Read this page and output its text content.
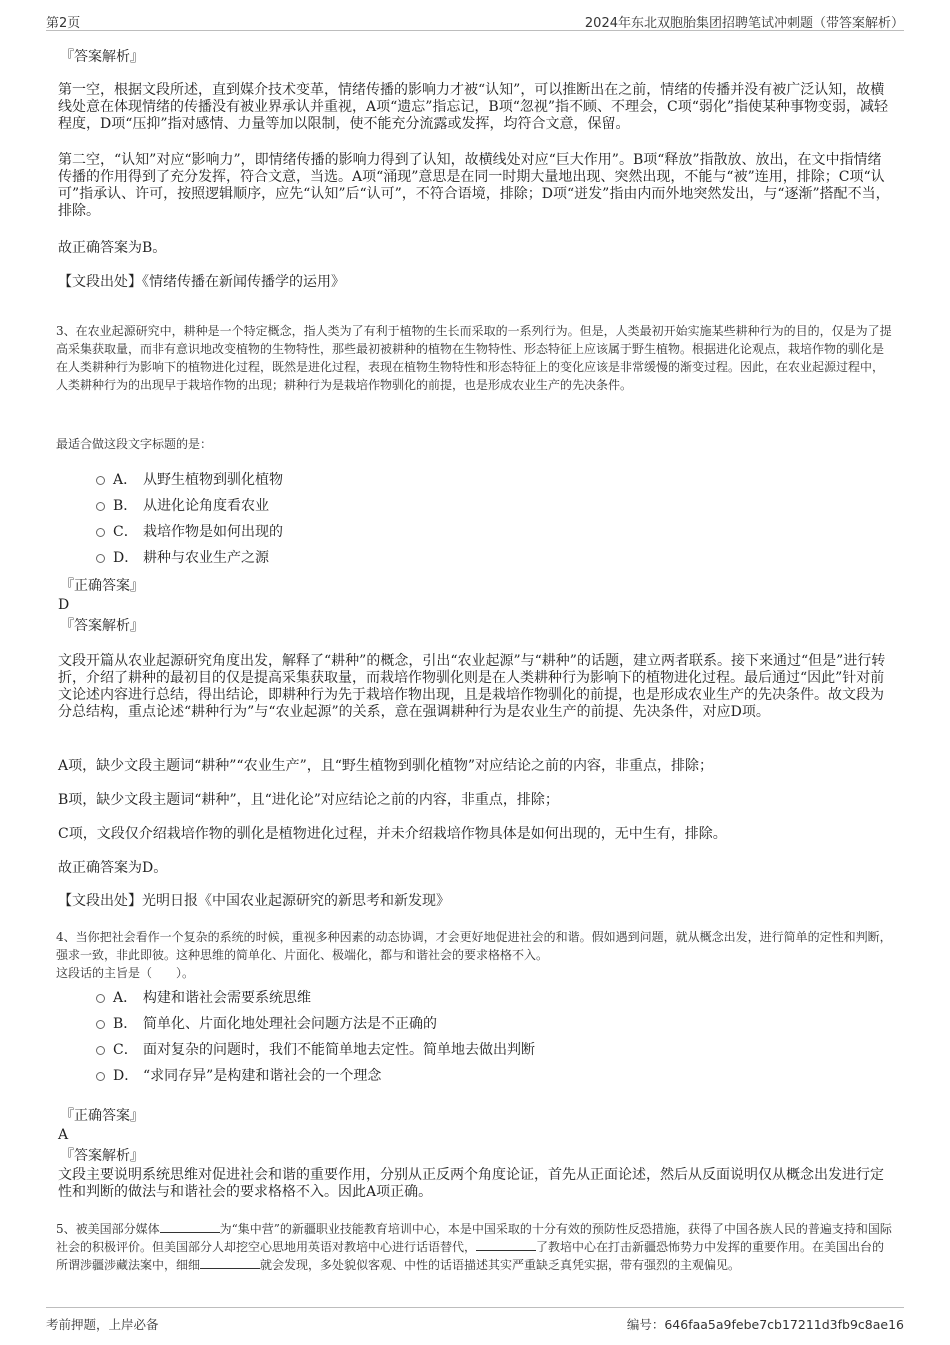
第2页	2024年东北双胞胎集团招聘笔试冲刺题（带答案解析）
『答案解析』

第一空，根据文段所述，直到媒介技术变革，情绪传播的影响力才被“认知”，可以推断出在之前，情绪的传播并没有被广泛认知，故横线处意在体现情绪的传播没有被业界承认并重视，A项“遗忘”指忘记，B项“忽视”指不顾、不理会，C项“弱化”指使某种事物变弱，减轻程度，D项“压抑”指对感情、力量等加以限制，使不能充分流露或发挥，均符合文意，保留。

第二空，“认知”对应“影响力”，即情绪传播的影响力得到了认知，故横线处对应“巨大作用”。B项“释放”指散放、放出，在文中指情绪传播的作用得到了充分发挥，符合文意，当选。A项“涌现”意思是在同一时期大量地出现、突然出现，不能与“被”连用，排除；C项“认可”指承认、许可，按照逻辑顺序，应先“认知”后“认可”，不符合语境，排除；D项“迸发”指由内而外地突然发出，与“逐渐”搭配不当，排除。

故正确答案为B。

【文段出处】《情绪传播在新闻传播学的运用》

3、在农业起源研究中，耕种是一个特定概念，指人类为了有利于植物的生长而采取的一系列行为。但是，人类最初开始实施某些耕种行为的目的，仅是为了提高采集获取量，而非有意识地改变植物的生物特性，那些最初被耕种的植物在生物特性、形态特征上应该属于野生植物。根据进化论观点，栽培作物的驯化是在人类耕种行为影响下的植物进化过程，既然是进化过程，表现在植物生物特性和形态特征上的变化应该是非常缓慢的渐变过程。因此，在农业起源过程中，人类耕种行为的出现早于栽培作物的出现；耕种行为是栽培作物驯化的前提，也是形成农业生产的先决条件。

最适合做这段文字标题的是：

A． 从野生植物到驯化植物
B． 从进化论角度看农业
C． 栽培作物是如何出现的
D． 耕种与农业生产之源
『正确答案』
D
『答案解析』

文段开篇从农业起源研究角度出发，解释了“耕种”的概念，引出“农业起源”与“耕种”的话题，建立两者联系。接下来通过“但是”进行转折，介绍了耕种的最初目的仅是提高采集获取量，而栽培作物驯化则是在人类耕种行为影响下的植物进化过程。最后通过“因此”针对前文论述内容进行总结，得出结论，即耕种行为先于栽培作物出现，且是栽培作物驯化的前提，也是形成农业生产的先决条件。故文段为分总结构，重点论述“耕种行为”与“农业起源”的关系，意在强调耕种行为是农业生产的前提、先决条件，对应D项。

A项，缺少文段主题词“耕种”“农业生产”，且“野生植物到驯化植物”对应结论之前的内容，非重点，排除；

B项，缺少文段主题词“耕种”，且“进化论”对应结论之前的内容，非重点，排除；

C项，文段仅介绍栽培作物的驯化是植物进化过程，并未介绍栽培作物具体是如何出现的，无中生有，排除。

故正确答案为D。

【文段出处】光明日报《中国农业起源研究的新思考和新发现》

4、当你把社会看作一个复杂的系统的时候，重视多种因素的动态协调，才会更好地促进社会的和谐。假如遇到问题，就从概念出发，进行简单的定性和判断，强求一致，非此即彼。这种思维的简单化、片面化、极端化，都与和谐社会的要求格格不入。

这段话的主旨是（　　）。

A． 构建和谐社会需要系统思维
B． 简单化、片面化地处理社会问题方法是不正确的
C． 面对复杂的问题时，我们不能简单地去定性。简单地去做出判断
D． “求同存异”是构建和谐社会的一个理念
『正确答案』
A
『答案解析』

文段主要说明系统思维对促进社会和谐的重要作用，分别从正反两个角度论证，首先从正面论述，然后从反面说明仅从概念出发进行定性和判断的做法与和谐社会的要求格格不入。因此A项正确。

5、被美国部分媒体	为“集中营”的新疆职业技能教育培训中心，本是中国采取的十分有效的预防性反恐措施，获得了中国各族人民的普遍支持和国际社会的积极评价。但美国部分人却挖空心思地用英语对教培中心进行话语替代，	了教培中心在打击新疆恐怖势力中发挥的重要作用。在美国出台的所谓涉疆涉藏法案中，细细	就会发现，多处貌似客观、中性的话语描述其实严重缺乏真凭实据，带有强烈的主观偏见。

考前押题，上岸必备	编号：646faa5a9febe7cb17211d3fb9c8ae16
